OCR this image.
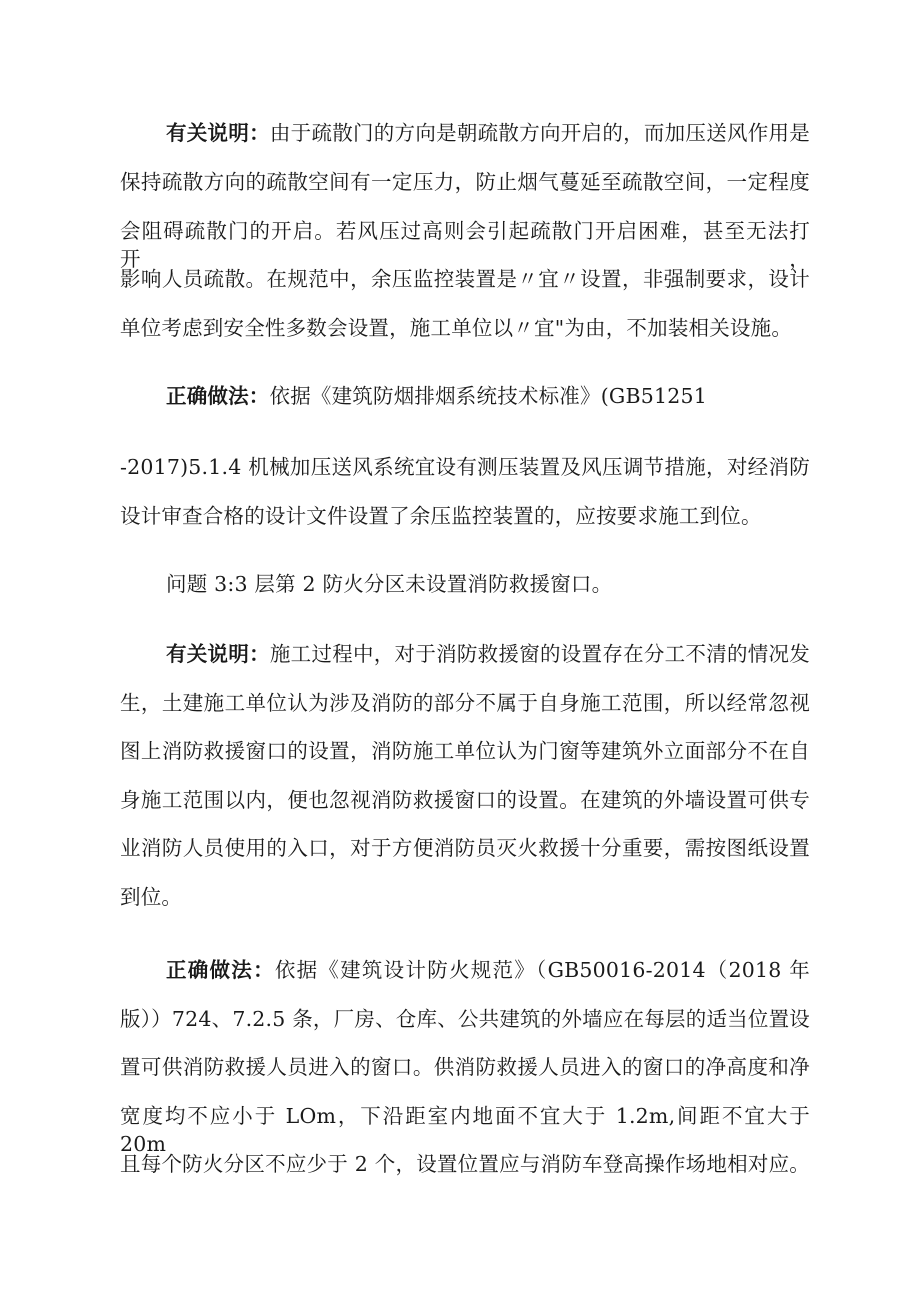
有关说明：由于疏散门的方向是朝疏散方向开启的，而加压送风作用是
保持疏散方向的疏散空间有一定压力，防止烟气蔓延至疏散空间，一定程度
会阻碍疏散门的开启。若风压过高则会引起疏散门开启困难，甚至无法打开，
影响人员疏散。在规范中，余压监控装置是〃宜〃设置，非强制要求，设计
单位考虑到安全性多数会设置，施工单位以〃宜"为由，不加装相关设施。
正确做法：依据《建筑防烟排烟系统技术标准》(GB51251
-2017)5.1.4 机械加压送风系统宜设有测压装置及风压调节措施，对经消防
设计审查合格的设计文件设置了余压监控装置的，应按要求施工到位。
问题 3:3 层第 2 防火分区未设置消防救援窗口。
有关说明：施工过程中，对于消防救援窗的设置存在分工不清的情况发
生，土建施工单位认为涉及消防的部分不属于自身施工范围，所以经常忽视
图上消防救援窗口的设置，消防施工单位认为门窗等建筑外立面部分不在自
身施工范围以内，便也忽视消防救援窗口的设置。在建筑的外墙设置可供专
业消防人员使用的入口，对于方便消防员灭火救援十分重要，需按图纸设置
到位。
正确做法：依据《建筑设计防火规范》（GB50016-2014（2018 年
版））724、7.2.5 条，厂房、仓库、公共建筑的外墙应在每层的适当位置设
置可供消防救援人员进入的窗口。供消防救援人员进入的窗口的净高度和净
宽度均不应小于 LOm，下沿距室内地面不宜大于 1.2m,间距不宜大于 20m
且每个防火分区不应少于 2 个，设置位置应与消防车登高操作场地相对应。
